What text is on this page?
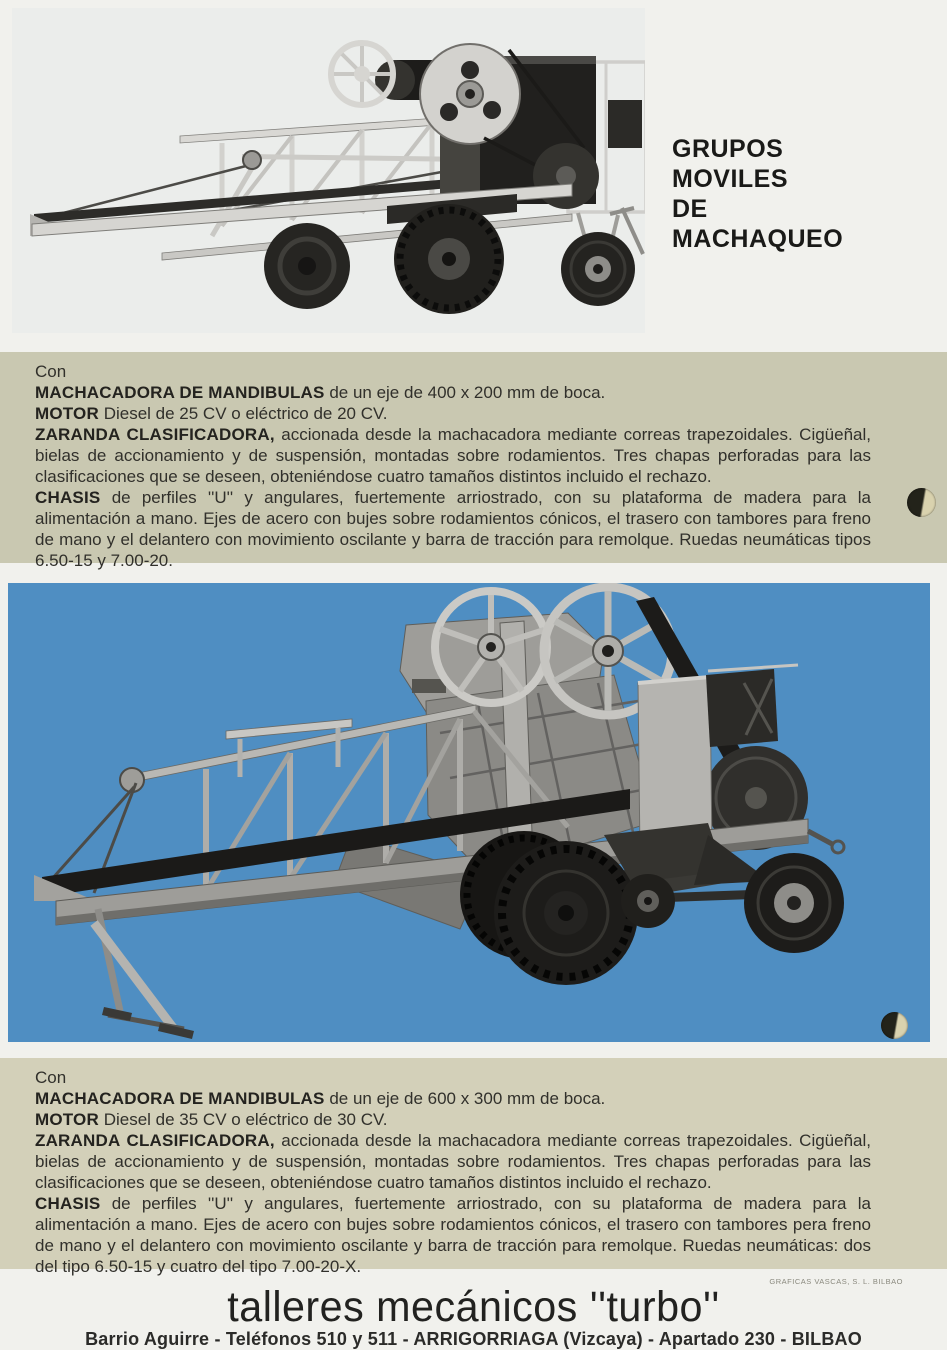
GRUPOS
MOVILES
DE
MACHAQUEO

Con

MACHACADORA DE MANDIBULAS de un eje de 400 x 200 mm de boca.

MOTOR Diesel de 25 CV o eléctrico de 20 CV.

ZARANDA CLASIFICADORA, accionada desde la machacadora mediante correas trapezoidales. Cigüeñal, bielas de accionamiento y de suspensión, montadas sobre rodamientos. Tres chapas perforadas para las clasificaciones que se deseen, obteniéndose cuatro tamaños distintos incluido el rechazo.

CHASIS de perfiles ''U'' y angulares, fuertemente arriostrado, con su plataforma de madera para la alimentación a mano. Ejes de acero con bujes sobre rodamientos cónicos, el trasero con tambores para freno de mano y el delantero con movimiento oscilante y barra de tracción para remolque. Ruedas neumáticas tipos 6.50-15 y 7.00-20.

Con

MACHACADORA DE MANDIBULAS de un eje de 600 x 300 mm de boca.

MOTOR Diesel de 35 CV o eléctrico de 30 CV.

ZARANDA CLASIFICADORA, accionada desde la machacadora mediante correas trapezoidales. Cigüeñal, bielas de accionamiento y de suspensión, montadas sobre rodamientos. Tres chapas perforadas para las clasificaciones que se deseen, obteniéndose cuatro tamaños distintos incluido el rechazo.

CHASIS de perfiles ''U'' y angulares, fuertemente arriostrado, con su plataforma de madera para la alimentación a mano. Ejes de acero con bujes sobre rodamientos cónicos, el trasero con tambores pera freno de mano y el delantero con movimiento oscilante y barra de tracción para remolque. Ruedas neumáticas: dos del tipo 6.50-15 y cuatro del tipo 7.00-20-X.

GRAFICAS VASCAS, S. L. BILBAO
talleres mecánicos ''turbo''
Barrio Aguirre - Teléfonos 510 y 511 - ARRIGORRIAGA (Vizcaya) - Apartado 230 - BILBAO
